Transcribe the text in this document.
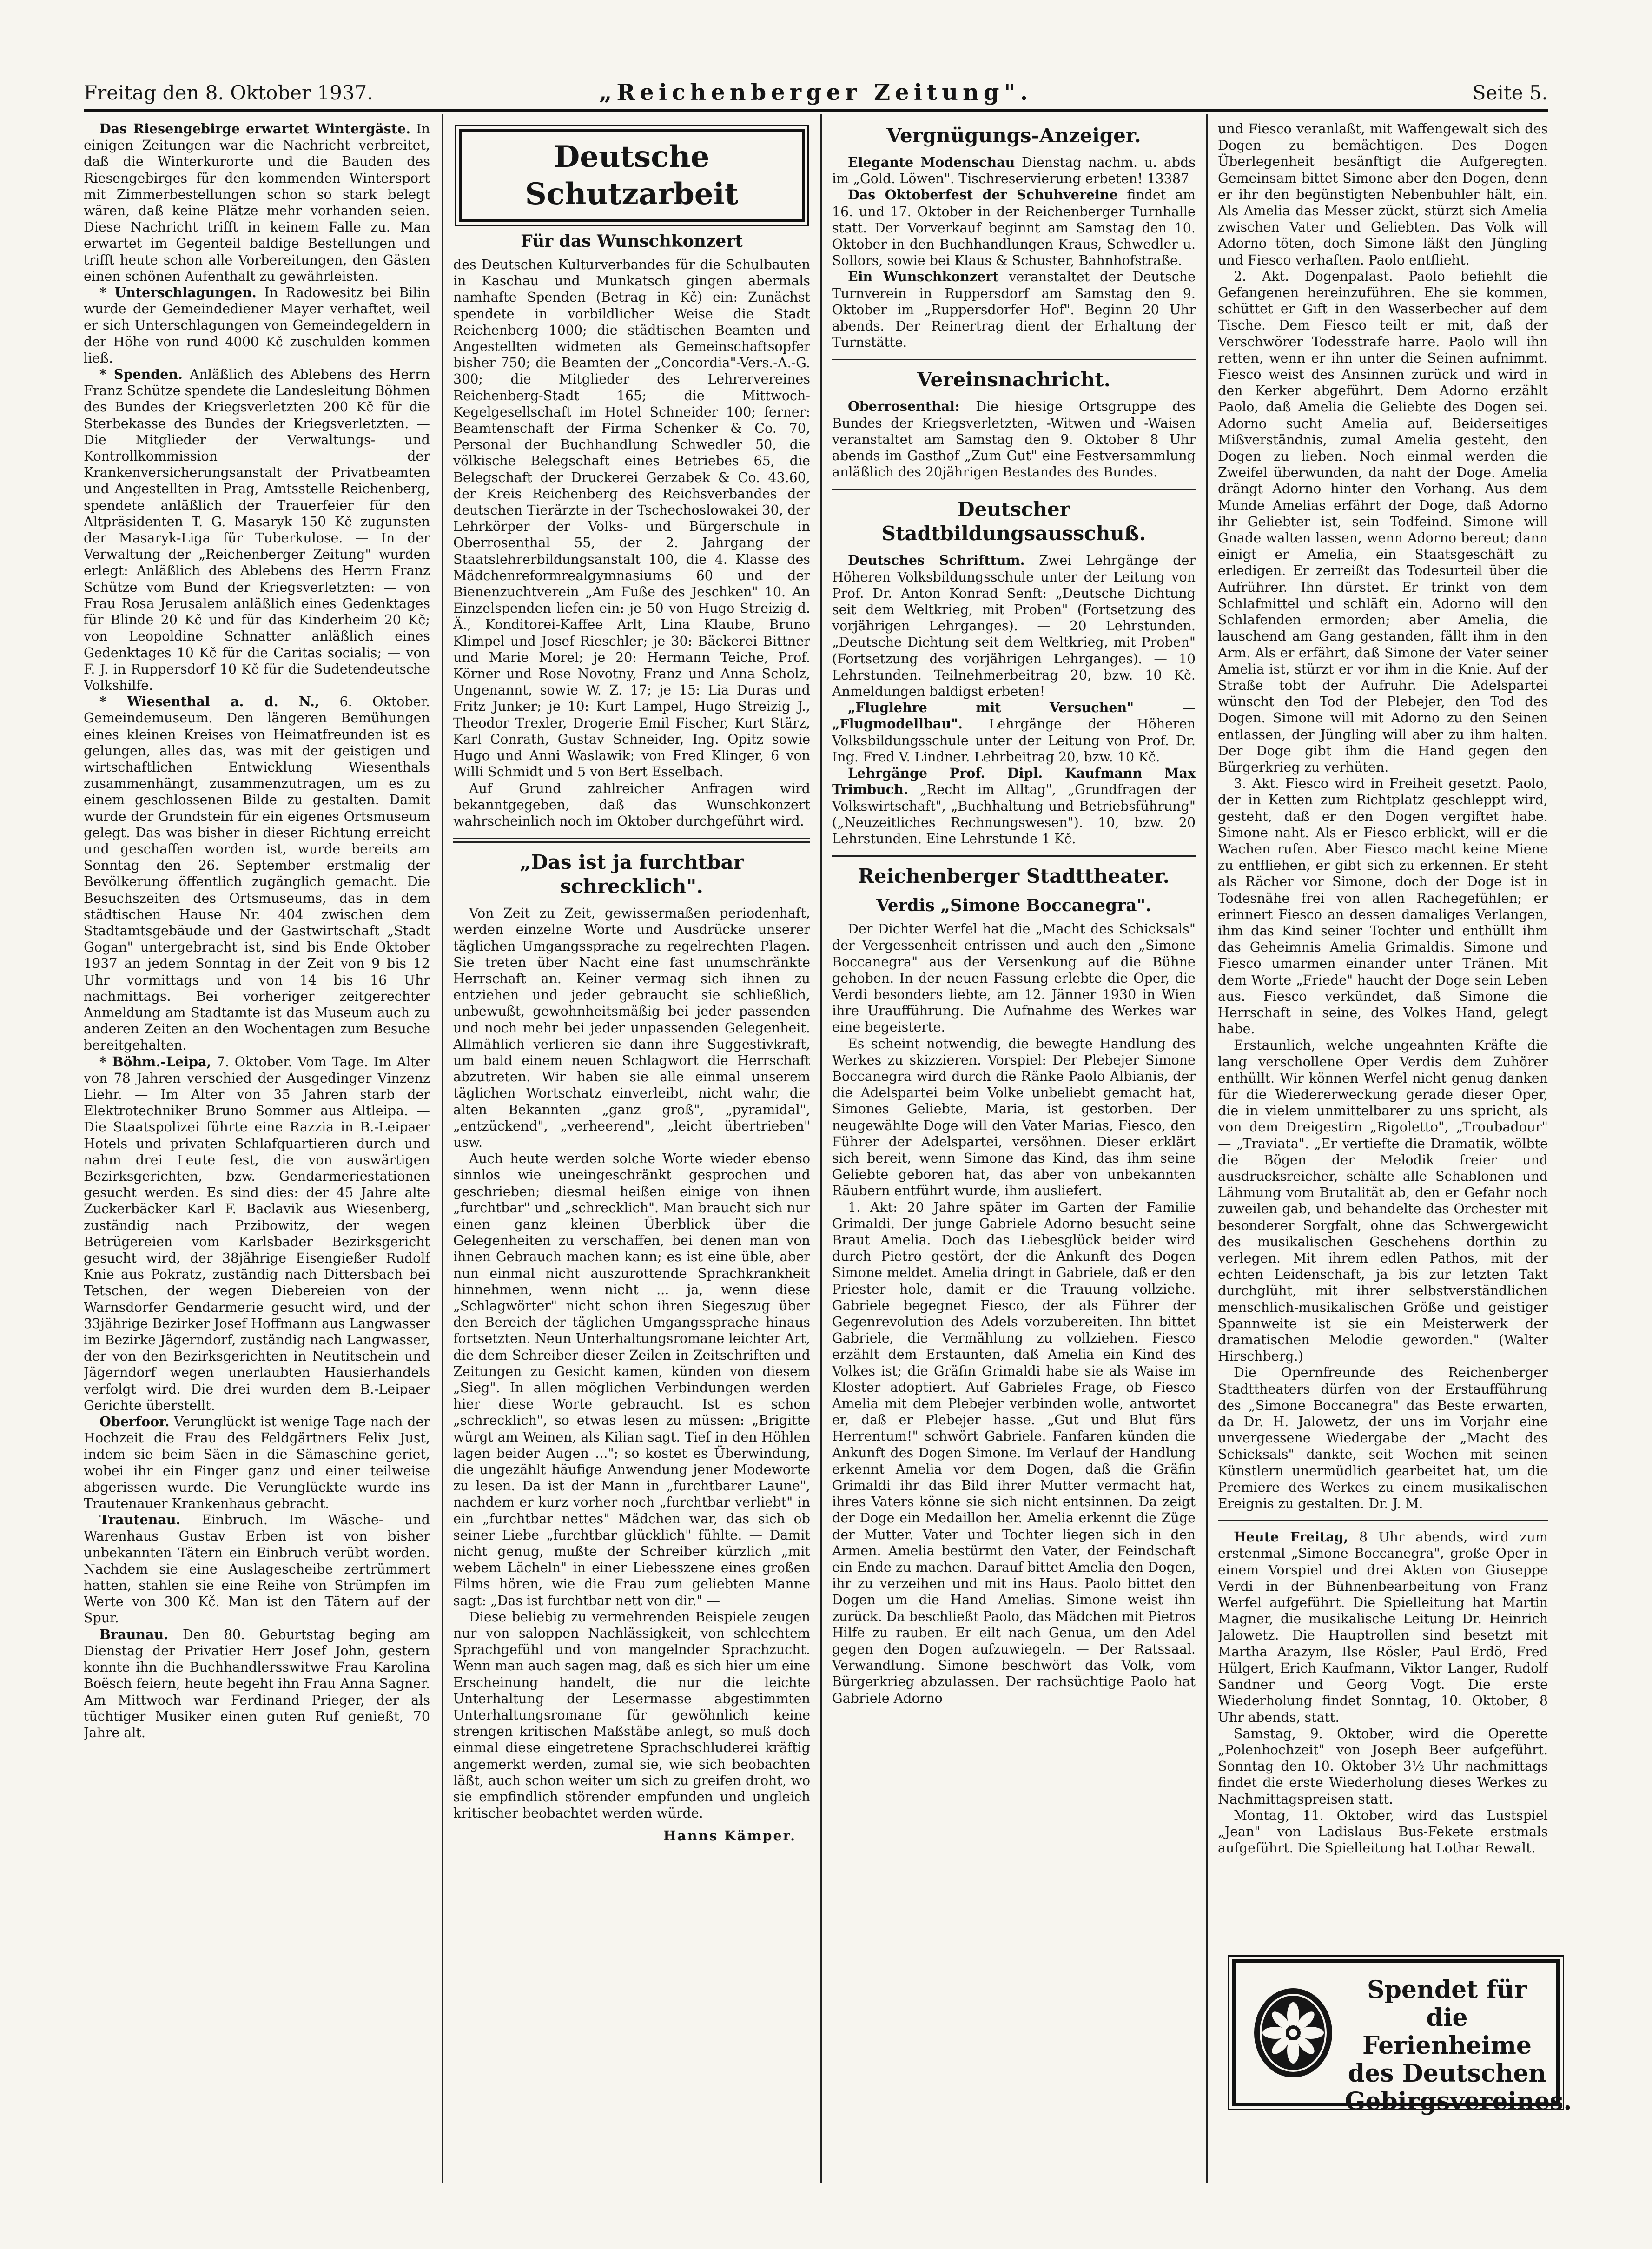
Freitag den 8. Oktober 1937.	„Reichenberger Zeitung".	Seite 5.

Das Riesengebirge erwartet Wintergäste. In einigen Zeitungen war die Nachricht verbreitet, daß die Winterkurorte und die Bauden des Riesengebirges für den kommenden Wintersport mit Zimmerbestellungen schon so stark belegt wären, daß keine Plätze mehr vorhanden seien. Diese Nachricht trifft in keinem Falle zu. Man erwartet im Gegenteil baldige Bestellungen und trifft heute schon alle Vorbereitungen, den Gästen einen schönen Aufenthalt zu gewährleisten.

* Unterschlagungen. In Radowesitz bei Bilin wurde der Gemeindediener Mayer verhaftet, weil er sich Unterschlagungen von Gemeindegeldern in der Höhe von rund 4000 Kč zuschulden kommen ließ.

* Spenden. Anläßlich des Ablebens des Herrn Franz Schütze spendete die Landesleitung Böhmen des Bundes der Kriegsverletzten 200 Kč für die Sterbekasse des Bundes der Kriegsverletzten. — Die Mitglieder der Verwaltungs- und Kontrollkommission der Krankenversicherungsanstalt der Privatbeamten und Angestellten in Prag, Amtsstelle Reichenberg, spendete anläßlich der Trauerfeier für den Altpräsidenten T. G. Masaryk 150 Kč zugunsten der Masaryk-Liga für Tuberkulose. — In der Verwaltung der „Reichenberger Zeitung" wurden erlegt: Anläßlich des Ablebens des Herrn Franz Schütze vom Bund der Kriegsverletzten: — von Frau Rosa Jerusalem anläßlich eines Gedenktages für Blinde 20 Kč und für das Kinderheim 20 Kč; von Leopoldine Schnatter anläßlich eines Gedenktages 10 Kč für die Caritas socialis; — von F. J. in Ruppersdorf 10 Kč für die Sudetendeutsche Volkshilfe.

* Wiesenthal a. d. N., 6. Oktober. Gemeindemuseum. Den längeren Bemühungen eines kleinen Kreises von Heimatfreunden ist es gelungen, alles das, was mit der geistigen und wirtschaftlichen Entwicklung Wiesenthals zusammenhängt, zusammenzutragen, um es zu einem geschlossenen Bilde zu gestalten. Damit wurde der Grundstein für ein eigenes Ortsmuseum gelegt. Das was bisher in dieser Richtung erreicht und geschaffen worden ist, wurde bereits am Sonntag den 26. September erstmalig der Bevölkerung öffentlich zugänglich gemacht. Die Besuchszeiten des Ortsmuseums, das in dem städtischen Hause Nr. 404 zwischen dem Stadtamtsgebäude und der Gastwirtschaft „Stadt Gogan" untergebracht ist, sind bis Ende Oktober 1937 an jedem Sonntag in der Zeit von 9 bis 12 Uhr vormittags und von 14 bis 16 Uhr nachmittags. Bei vorheriger zeitgerechter Anmeldung am Stadtamte ist das Museum auch zu anderen Zeiten an den Wochentagen zum Besuche bereitgehalten.

* Böhm.-Leipa, 7. Oktober. Vom Tage. Im Alter von 78 Jahren verschied der Ausgedinger Vinzenz Liehr. — Im Alter von 35 Jahren starb der Elektrotechniker Bruno Sommer aus Altleipa. — Die Staatspolizei führte eine Razzia in B.-Leipaer Hotels und privaten Schlafquartieren durch und nahm drei Leute fest, die von auswärtigen Bezirksgerichten, bzw. Gendarmeriestationen gesucht werden. Es sind dies: der 45 Jahre alte Zuckerbäcker Karl F. Baclavik aus Wiesenberg, zuständig nach Przibowitz, der wegen Betrügereien vom Karlsbader Bezirksgericht gesucht wird, der 38jährige Eisengießer Rudolf Knie aus Pokratz, zuständig nach Dittersbach bei Tetschen, der wegen Diebereien von der Warnsdorfer Gendarmerie gesucht wird, und der 33jährige Bezirker Josef Hoffmann aus Langwasser im Bezirke Jägerndorf, zuständig nach Langwasser, der von den Bezirksgerichten in Neutitschein und Jägerndorf wegen unerlaubten Hausierhandels verfolgt wird. Die drei wurden dem B.-Leipaer Gerichte überstellt.

Oberfoor. Verunglückt ist wenige Tage nach der Hochzeit die Frau des Feldgärtners Felix Just, indem sie beim Säen in die Sämaschine geriet, wobei ihr ein Finger ganz und einer teilweise abgerissen wurde. Die Verunglückte wurde ins Trautenauer Krankenhaus gebracht.

Trautenau. Einbruch. Im Wäsche- und Warenhaus Gustav Erben ist von bisher unbekannten Tätern ein Einbruch verübt worden. Nachdem sie eine Auslagescheibe zertrümmert hatten, stahlen sie eine Reihe von Strümpfen im Werte von 300 Kč. Man ist den Tätern auf der Spur.

Braunau. Den 80. Geburtstag beging am Dienstag der Privatier Herr Josef John, gestern konnte ihn die Buchhandlersswitwe Frau Karolina Boësch feiern, heute begeht ihn Frau Anna Sagner. Am Mittwoch war Ferdinand Prieger, der als tüchtiger Musiker einen guten Ruf genießt, 70 Jahre alt.

Deutsche Schutzarbeit
Für das Wunschkonzert

des Deutschen Kulturverbandes für die Schulbauten in Kaschau und Munkatsch gingen abermals namhafte Spenden (Betrag in Kč) ein: Zunächst spendete in vorbildlicher Weise die Stadt Reichenberg 1000; die städtischen Beamten und Angestellten widmeten als Gemeinschaftsopfer bisher 750; die Beamten der „Concordia"-Vers.-A.-G. 300; die Mitglieder des Lehrervereines Reichenberg-Stadt 165; die Mittwoch-Kegelgesellschaft im Hotel Schneider 100; ferner: Beamtenschaft der Firma Schenker & Co. 70, Personal der Buchhandlung Schwedler 50, die völkische Belegschaft eines Betriebes 65, die Belegschaft der Druckerei Gerzabek & Co. 43.60, der Kreis Reichenberg des Reichsverbandes der deutschen Tierärzte in der Tschechoslowakei 30, der Lehrkörper der Volks- und Bürgerschule in Oberrosenthal 55, der 2. Jahrgang der Staatslehrerbildungsanstalt 100, die 4. Klasse des Mädchenreformrealgymnasiums 60 und der Bienenzuchtverein „Am Fuße des Jeschken" 10. An Einzelspenden liefen ein: je 50 von Hugo Streizig d. Ä., Konditorei-Kaffee Arlt, Lina Klaube, Bruno Klimpel und Josef Rieschler; je 30: Bäckerei Bittner und Marie Morel; je 20: Hermann Teiche, Prof. Körner und Rose Novotny, Franz und Anna Scholz, Ungenannt, sowie W. Z. 17; je 15: Lia Duras und Fritz Junker; je 10: Kurt Lampel, Hugo Streizig J., Theodor Trexler, Drogerie Emil Fischer, Kurt Stärz, Karl Conrath, Gustav Schneider, Ing. Opitz sowie Hugo und Anni Waslawik; von Fred Klinger, 6 von Willi Schmidt und 5 von Bert Esselbach.

Auf Grund zahlreicher Anfragen wird bekanntgegeben, daß das Wunschkonzert wahrscheinlich noch im Oktober durchgeführt wird.

„Das ist ja furchtbar schrecklich".

Von Zeit zu Zeit, gewissermaßen periodenhaft, werden einzelne Worte und Ausdrücke unserer täglichen Umgangssprache zu regelrechten Plagen. Sie treten über Nacht eine fast unumschränkte Herrschaft an. Keiner vermag sich ihnen zu entziehen und jeder gebraucht sie schließlich, unbewußt, gewohnheitsmäßig bei jeder passenden und noch mehr bei jeder unpassenden Gelegenheit. Allmählich verlieren sie dann ihre Suggestivkraft, um bald einem neuen Schlagwort die Herrschaft abzutreten. Wir haben sie alle einmal unserem täglichen Wortschatz einverleibt, nicht wahr, die alten Bekannten „ganz groß", „pyramidal", „entzückend", „verheerend", „leicht übertrieben" usw.

Auch heute werden solche Worte wieder ebenso sinnlos wie uneingeschränkt gesprochen und geschrieben; diesmal heißen einige von ihnen „furchtbar" und „schrecklich". Man braucht sich nur einen ganz kleinen Überblick über die Gelegenheiten zu verschaffen, bei denen man von ihnen Gebrauch machen kann; es ist eine üble, aber nun einmal nicht auszurottende Sprachkrankheit hinnehmen, wenn nicht ... ja, wenn diese „Schlagwörter" nicht schon ihren Siegeszug über den Bereich der täglichen Umgangssprache hinaus fortsetzten. Neun Unterhaltungsromane leichter Art, die dem Schreiber dieser Zeilen in Zeitschriften und Zeitungen zu Gesicht kamen, künden von diesem „Sieg". In allen möglichen Verbindungen werden hier diese Worte gebraucht. Ist es schon „schrecklich", so etwas lesen zu müssen: „Brigitte würgt am Weinen, als Kilian sagt. Tief in den Höhlen lagen beider Augen ..."; so kostet es Überwindung, die ungezählt häufige Anwendung jener Modeworte zu lesen. Da ist der Mann in „furchtbarer Laune", nachdem er kurz vorher noch „furchtbar verliebt" in ein „furchtbar nettes" Mädchen war, das sich ob seiner Liebe „furchtbar glücklich" fühlte. — Damit nicht genug, mußte der Schreiber kürzlich „mit webem Lächeln" in einer Liebesszene eines großen Films hören, wie die Frau zum geliebten Manne sagt: „Das ist furchtbar nett von dir." —

Diese beliebig zu vermehrenden Beispiele zeugen nur von saloppen Nachlässigkeit, von schlechtem Sprachgefühl und von mangelnder Sprachzucht. Wenn man auch sagen mag, daß es sich hier um eine Erscheinung handelt, die nur die leichte Unterhaltung der Lesermasse abgestimmten Unterhaltungsromane für gewöhnlich keine strengen kritischen Maßstäbe anlegt, so muß doch einmal diese eingetretene Sprachschluderei kräftig angemerkt werden, zumal sie, wie sich beobachten läßt, auch schon weiter um sich zu greifen droht, wo sie empfindlich störender empfunden und ungleich kritischer beobachtet werden würde.

Hanns Kämper.
Vergnügungs-Anzeiger.

Elegante Modenschau Dienstag nachm. u. abds im „Gold. Löwen". Tischreservierung erbeten! 13387

Das Oktoberfest der Schuhvereine findet am 16. und 17. Oktober in der Reichenberger Turnhalle statt. Der Vorverkauf beginnt am Samstag den 10. Oktober in den Buchhandlungen Kraus, Schwedler u. Sollors, sowie bei Klaus & Schuster, Bahnhofstraße.

Ein Wunschkonzert veranstaltet der Deutsche Turnverein in Ruppersdorf am Samstag den 9. Oktober im „Ruppersdorfer Hof". Beginn 20 Uhr abends. Der Reinertrag dient der Erhaltung der Turnstätte.

Vereinsnachricht.

Oberrosenthal: Die hiesige Ortsgruppe des Bundes der Kriegsverletzten, -Witwen und -Waisen veranstaltet am Samstag den 9. Oktober 8 Uhr abends im Gasthof „Zum Gut" eine Festversammlung anläßlich des 20jährigen Bestandes des Bundes.

Deutscher Stadtbildungsausschuß.

Deutsches Schrifttum. Zwei Lehrgänge der Höheren Volksbildungsschule unter der Leitung von Prof. Dr. Anton Konrad Senft: „Deutsche Dichtung seit dem Weltkrieg, mit Proben" (Fortsetzung des vorjährigen Lehrganges). — 20 Lehrstunden. „Deutsche Dichtung seit dem Weltkrieg, mit Proben" (Fortsetzung des vorjährigen Lehrganges). — 10 Lehrstunden. Teilnehmerbeitrag 20, bzw. 10 Kč. Anmeldungen baldigst erbeten!

„Fluglehre mit Versuchen" — „Flugmodellbau". Lehrgänge der Höheren Volksbildungsschule unter der Leitung von Prof. Dr. Ing. Fred V. Lindner. Lehrbeitrag 20, bzw. 10 Kč.

Lehrgänge Prof. Dipl. Kaufmann Max Trimbuch. „Recht im Alltag", „Grundfragen der Volkswirtschaft", „Buchhaltung und Betriebsführung" („Neuzeitliches Rechnungswesen"). 10, bzw. 20 Lehrstunden. Eine Lehrstunde 1 Kč.

Reichenberger Stadttheater.
Verdis „Simone Boccanegra".

Der Dichter Werfel hat die „Macht des Schicksals" der Vergessenheit entrissen und auch den „Simone Boccanegra" aus der Versenkung auf die Bühne gehoben. In der neuen Fassung erlebte die Oper, die Verdi besonders liebte, am 12. Jänner 1930 in Wien ihre Uraufführung. Die Aufnahme des Werkes war eine begeisterte.

Es scheint notwendig, die bewegte Handlung des Werkes zu skizzieren. Vorspiel: Der Plebejer Simone Boccanegra wird durch die Ränke Paolo Albianis, der die Adelspartei beim Volke unbeliebt gemacht hat, Simones Geliebte, Maria, ist gestorben. Der neugewählte Doge will den Vater Marias, Fiesco, den Führer der Adelspartei, versöhnen. Dieser erklärt sich bereit, wenn Simone das Kind, das ihm seine Geliebte geboren hat, das aber von unbekannten Räubern entführt wurde, ihm ausliefert.

1. Akt: 20 Jahre später im Garten der Familie Grimaldi. Der junge Gabriele Adorno besucht seine Braut Amelia. Doch das Liebesglück beider wird durch Pietro gestört, der die Ankunft des Dogen Simone meldet. Amelia dringt in Gabriele, daß er den Priester hole, damit er die Trauung vollziehe. Gabriele begegnet Fiesco, der als Führer der Gegenrevolution des Adels vorzubereiten. Ihn bittet Gabriele, die Vermählung zu vollziehen. Fiesco erzählt dem Erstaunten, daß Amelia ein Kind des Volkes ist; die Gräfin Grimaldi habe sie als Waise im Kloster adoptiert. Auf Gabrieles Frage, ob Fiesco Amelia mit dem Plebejer verbinden wolle, antwortet er, daß er Plebejer hasse. „Gut und Blut fürs Herrentum!" schwört Gabriele. Fanfaren künden die Ankunft des Dogen Simone. Im Verlauf der Handlung erkennt Amelia vor dem Dogen, daß die Gräfin Grimaldi ihr das Bild ihrer Mutter vermacht hat, ihres Vaters könne sie sich nicht entsinnen. Da zeigt der Doge ein Medaillon her. Amelia erkennt die Züge der Mutter. Vater und Tochter liegen sich in den Armen. Amelia bestürmt den Vater, der Feindschaft ein Ende zu machen. Darauf bittet Amelia den Dogen, ihr zu verzeihen und mit ins Haus. Paolo bittet den Dogen um die Hand Amelias. Simone weist ihn zurück. Da beschließt Paolo, das Mädchen mit Pietros Hilfe zu rauben. Er eilt nach Genua, um den Adel gegen den Dogen aufzuwiegeln. — Der Ratssaal. Verwandlung. Simone beschwört das Volk, vom Bürgerkrieg abzulassen. Der rachsüchtige Paolo hat Gabriele Adorno

und Fiesco veranlaßt, mit Waffengewalt sich des Dogen zu bemächtigen. Des Dogen Überlegenheit besänftigt die Aufgeregten. Gemeinsam bittet Simone aber den Dogen, denn er ihr den begünstigten Nebenbuhler hält, ein. Als Amelia das Messer zückt, stürzt sich Amelia zwischen Vater und Geliebten. Das Volk will Adorno töten, doch Simone läßt den Jüngling und Fiesco verhaften. Paolo entflieht.

2. Akt. Dogenpalast. Paolo befiehlt die Gefangenen hereinzuführen. Ehe sie kommen, schüttet er Gift in den Wasserbecher auf dem Tische. Dem Fiesco teilt er mit, daß der Verschwörer Todesstrafe harre. Paolo will ihn retten, wenn er ihn unter die Seinen aufnimmt. Fiesco weist des Ansinnen zurück und wird in den Kerker abgeführt. Dem Adorno erzählt Paolo, daß Amelia die Geliebte des Dogen sei. Adorno sucht Amelia auf. Beiderseitiges Mißverständnis, zumal Amelia gesteht, den Dogen zu lieben. Noch einmal werden die Zweifel überwunden, da naht der Doge. Amelia drängt Adorno hinter den Vorhang. Aus dem Munde Amelias erfährt der Doge, daß Adorno ihr Geliebter ist, sein Todfeind. Simone will Gnade walten lassen, wenn Adorno bereut; dann einigt er Amelia, ein Staatsgeschäft zu erledigen. Er zerreißt das Todesurteil über die Aufrührer. Ihn dürstet. Er trinkt von dem Schlafmittel und schläft ein. Adorno will den Schlafenden ermorden; aber Amelia, die lauschend am Gang gestanden, fällt ihm in den Arm. Als er erfährt, daß Simone der Vater seiner Amelia ist, stürzt er vor ihm in die Knie. Auf der Straße tobt der Aufruhr. Die Adelspartei wünscht den Tod der Plebejer, den Tod des Dogen. Simone will mit Adorno zu den Seinen entlassen, der Jüngling will aber zu ihm halten. Der Doge gibt ihm die Hand gegen den Bürgerkrieg zu verhüten.

3. Akt. Fiesco wird in Freiheit gesetzt. Paolo, der in Ketten zum Richtplatz geschleppt wird, gesteht, daß er den Dogen vergiftet habe. Simone naht. Als er Fiesco erblickt, will er die Wachen rufen. Aber Fiesco macht keine Miene zu entfliehen, er gibt sich zu erkennen. Er steht als Rächer vor Simone, doch der Doge ist in Todesnähe frei von allen Rachegefühlen; er erinnert Fiesco an dessen damaliges Verlangen, ihm das Kind seiner Tochter und enthüllt ihm das Geheimnis Amelia Grimaldis. Simone und Fiesco umarmen einander unter Tränen. Mit dem Worte „Friede" haucht der Doge sein Leben aus. Fiesco verkündet, daß Simone die Herrschaft in seine, des Volkes Hand, gelegt habe.

Erstaunlich, welche ungeahnten Kräfte die lang verschollene Oper Verdis dem Zuhörer enthüllt. Wir können Werfel nicht genug danken für die Wiedererweckung gerade dieser Oper, die in vielem unmittelbarer zu uns spricht, als von dem Dreigestirn „Rigoletto", „Troubadour" — „Traviata". „Er vertiefte die Dramatik, wölbte die Bögen der Melodik freier und ausdrucksreicher, schälte alle Schablonen und Lähmung vom Brutalität ab, den er Gefahr noch zuweilen gab, und behandelte das Orchester mit besonderer Sorgfalt, ohne das Schwergewicht des musikalischen Geschehens dorthin zu verlegen. Mit ihrem edlen Pathos, mit der echten Leidenschaft, ja bis zur letzten Takt durchglüht, mit ihrer selbstverständlichen menschlich-musikalischen Größe und geistiger Spannweite ist sie ein Meisterwerk der dramatischen Melodie geworden." (Walter Hirschberg.)

Die Opernfreunde des Reichenberger Stadttheaters dürfen von der Erstaufführung des „Simone Boccanegra" das Beste erwarten, da Dr. H. Jalowetz, der uns im Vorjahr eine unvergessene Wiedergabe der „Macht des Schicksals" dankte, seit Wochen mit seinen Künstlern unermüdlich gearbeitet hat, um die Premiere des Werkes zu einem musikalischen Ereignis zu gestalten. Dr. J. M.

Heute Freitag, 8 Uhr abends, wird zum erstenmal „Simone Boccanegra", große Oper in einem Vorspiel und drei Akten von Giuseppe Verdi in der Bühnenbearbeitung von Franz Werfel aufgeführt. Die Spielleitung hat Martin Magner, die musikalische Leitung Dr. Heinrich Jalowetz. Die Hauptrollen sind besetzt mit Martha Arazym, Ilse Rösler, Paul Erdö, Fred Hülgert, Erich Kaufmann, Viktor Langer, Rudolf Sandner und Georg Vogt. Die erste Wiederholung findet Sonntag, 10. Oktober, 8 Uhr abends, statt.

Samstag, 9. Oktober, wird die Operette „Polenhochzeit" von Joseph Beer aufgeführt. Sonntag den 10. Oktober 3½ Uhr nachmittags findet die erste Wiederholung dieses Werkes zu Nachmittagspreisen statt.

Montag, 11. Oktober, wird das Lustspiel „Jean" von Ladislaus Bus-Fekete erstmals aufgeführt. Die Spielleitung hat Lothar Rewalt.

Spendet für die Ferienheime des Deutschen Gebirgsvereines.
